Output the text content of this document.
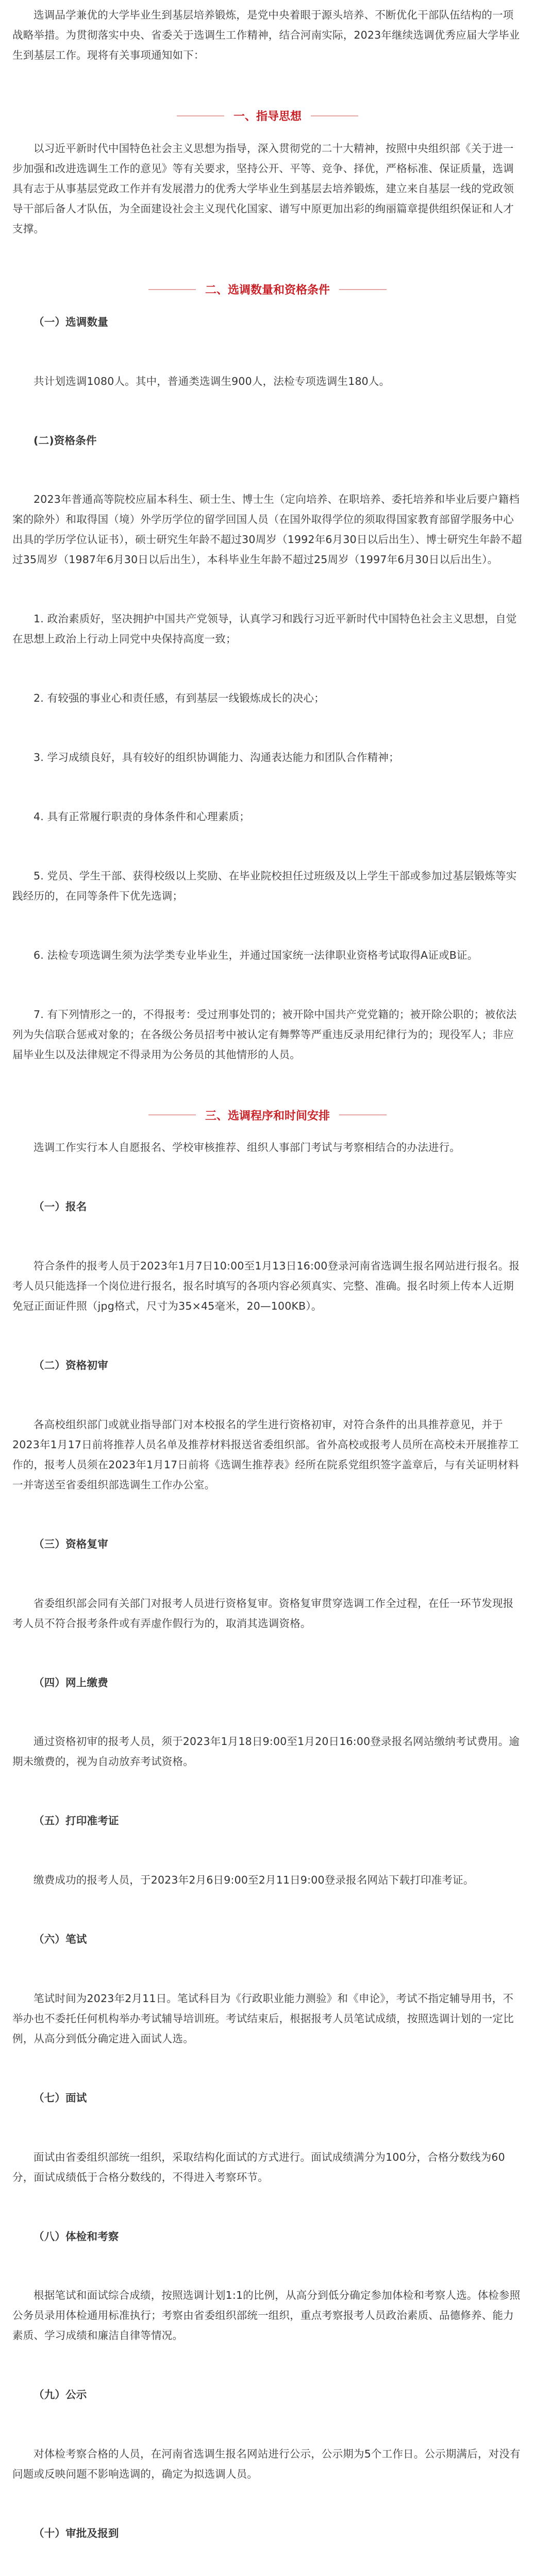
选调品学兼优的大学毕业生到基层培养锻炼，是党中央着眼于源头培养、不断优化干部队伍结构的一项战略举措。为贯彻落实中央、省委关于选调生工作精神，结合河南实际，2023年继续选调优秀应届大学毕业生到基层工作。现将有关事项通知如下：

一、指导思想

以习近平新时代中国特色社会主义思想为指导，深入贯彻党的二十大精神，按照中央组织部《关于进一步加强和改进选调生工作的意见》等有关要求，坚持公开、平等、竞争、择优，严格标准、保证质量，选调具有志于从事基层党政工作并有发展潜力的优秀大学毕业生到基层去培养锻炼，建立来自基层一线的党政领导干部后备人才队伍，为全面建设社会主义现代化国家、谱写中原更加出彩的绚丽篇章提供组织保证和人才支撑。

二、选调数量和资格条件

（一）选调数量

共计划选调1080人。其中，普通类选调生900人，法检专项选调生180人。

(二)资格条件

2023年普通高等院校应届本科生、硕士生、博士生（定向培养、在职培养、委托培养和毕业后要户籍档案的除外）和取得国（境）外学历学位的留学回国人员（在国外取得学位的须取得国家教育部留学服务中心出具的学历学位认证书），硕士研究生年龄不超过30周岁（1992年6月30日以后出生）、博士研究生年龄不超过35周岁（1987年6月30日以后出生），本科毕业生年龄不超过25周岁（1997年6月30日以后出生）。

1. 政治素质好，坚决拥护中国共产党领导，认真学习和践行习近平新时代中国特色社会主义思想，自觉在思想上政治上行动上同党中央保持高度一致；

2. 有较强的事业心和责任感，有到基层一线锻炼成长的决心；

3. 学习成绩良好，具有较好的组织协调能力、沟通表达能力和团队合作精神；

4. 具有正常履行职责的身体条件和心理素质；

5. 党员、学生干部、获得校级以上奖励、在毕业院校担任过班级及以上学生干部或参加过基层锻炼等实践经历的，在同等条件下优先选调；

6. 法检专项选调生须为法学类专业毕业生，并通过国家统一法律职业资格考试取得A证或B证。

7. 有下列情形之一的，不得报考：受过刑事处罚的；被开除中国共产党党籍的；被开除公职的；被依法列为失信联合惩戒对象的；在各级公务员招考中被认定有舞弊等严重违反录用纪律行为的；现役军人；非应届毕业生以及法律规定不得录用为公务员的其他情形的人员。

三、选调程序和时间安排

选调工作实行本人自愿报名、学校审核推荐、组织人事部门考试与考察相结合的办法进行。

（一）报名

符合条件的报考人员于2023年1月7日10:00至1月13日16:00登录河南省选调生报名网站进行报名。报考人员只能选择一个岗位进行报名，报名时填写的各项内容必须真实、完整、准确。报名时须上传本人近期免冠正面证件照（jpg格式，尺寸为35×45毫米，20—100KB）。

（二）资格初审

各高校组织部门或就业指导部门对本校报名的学生进行资格初审，对符合条件的出具推荐意见，并于2023年1月17日前将推荐人员名单及推荐材料报送省委组织部。省外高校或报考人员所在高校未开展推荐工作的，报考人员须在2023年1月17日前将《选调生推荐表》经所在院系党组织签字盖章后，与有关证明材料一并寄送至省委组织部选调生工作办公室。

（三）资格复审

省委组织部会同有关部门对报考人员进行资格复审。资格复审贯穿选调工作全过程，在任一环节发现报考人员不符合报考条件或有弄虚作假行为的，取消其选调资格。

（四）网上缴费

通过资格初审的报考人员，须于2023年1月18日9:00至1月20日16:00登录报名网站缴纳考试费用。逾期未缴费的，视为自动放弃考试资格。

（五）打印准考证

缴费成功的报考人员，于2023年2月6日9:00至2月11日9:00登录报名网站下载打印准考证。

（六）笔试

笔试时间为2023年2月11日。笔试科目为《行政职业能力测验》和《申论》，考试不指定辅导用书，不举办也不委托任何机构举办考试辅导培训班。考试结束后，根据报考人员笔试成绩，按照选调计划的一定比例，从高分到低分确定进入面试人选。

（七）面试

面试由省委组织部统一组织，采取结构化面试的方式进行。面试成绩满分为100分，合格分数线为60分，面试成绩低于合格分数线的，不得进入考察环节。

（八）体检和考察

根据笔试和面试综合成绩，按照选调计划1:1的比例，从高分到低分确定参加体检和考察人选。体检参照公务员录用体检通用标准执行；考察由省委组织部统一组织，重点考察报考人员政治素质、品德修养、能力素质、学习成绩和廉洁自律等情况。

（九）公示

对体检考察合格的人员，在河南省选调生报名网站进行公示，公示期为5个工作日。公示期满后，对没有问题或反映问题不影响选调的，确定为拟选调人员。

（十）审批及报到
